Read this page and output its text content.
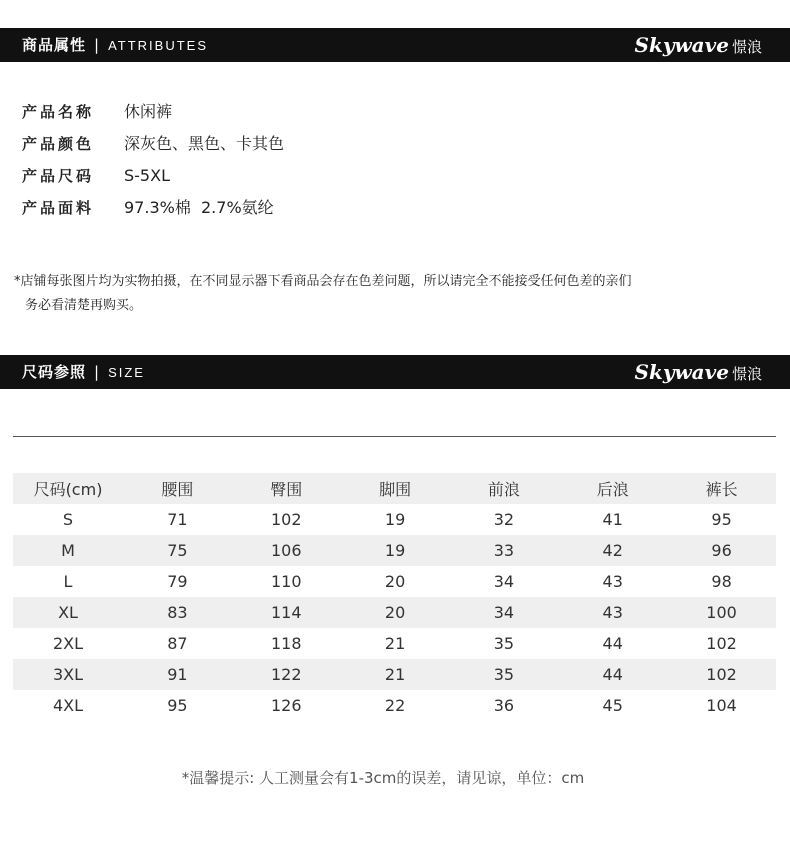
商品属性 | ATTRIBUTES	Skywave 憬浪
产品名称 休闲裤
产品颜色 深灰色、黑色、卡其色
产品尺码 S-5XL
产品面料 97.3%棉  2.7%氨纶
*店铺每张图片均为实物拍摄，在不同显示器下看商品会存在色差问题，所以请完全不能接受任何色差的亲们
务必看清楚再购买。
尺码参照 | SIZE	Skywave 憬浪
尺码(cm)	腰围	臀围	脚围	前浪	后浪	裤长
S	71	102	19	32	41	95
M	75	106	19	33	42	96
L	79	110	20	34	43	98
XL	83	114	20	34	43	100
2XL	87	118	21	35	44	102
3XL	91	122	21	35	44	102
4XL	95	126	22	36	45	104
*温馨提示: 人工测量会有1-3cm的误差，请见谅，单位：cm
